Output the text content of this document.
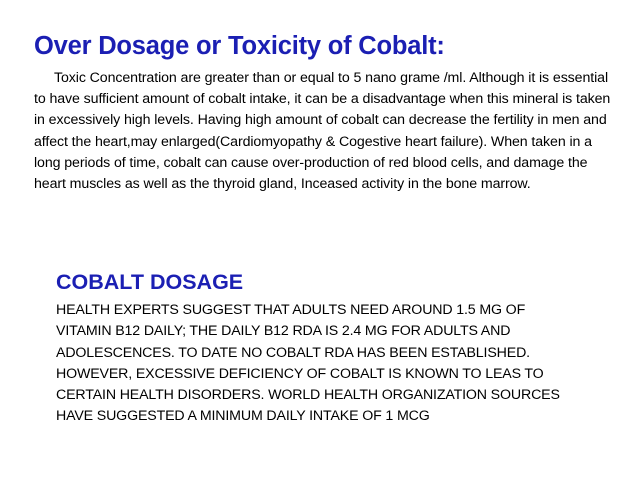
Over Dosage or Toxicity of Cobalt:
Toxic Concentration are greater than or equal to 5 nano grame /ml. Although it is essential to have sufficient amount of cobalt intake, it can be a disadvantage when this mineral is taken in excessively high levels. Having high amount of cobalt can decrease the fertility in men and affect the heart,may enlarged(Cardiomyopathy & Cogestive heart failure). When taken in a long periods of time, cobalt can cause over-production of red blood cells, and damage the heart muscles as well as the thyroid gland, Inceased activity in the bone marrow.
COBALT DOSAGE
HEALTH EXPERTS SUGGEST THAT ADULTS NEED AROUND 1.5 MG OF
VITAMIN B12 DAILY; THE DAILY B12 RDA IS 2.4 MG FOR ADULTS AND
ADOLESCENCES. TO DATE NO COBALT RDA HAS BEEN ESTABLISHED.
HOWEVER, EXCESSIVE DEFICIENCY OF COBALT IS KNOWN TO LEAS TO
CERTAIN HEALTH DISORDERS. WORLD HEALTH ORGANIZATION SOURCES
HAVE SUGGESTED A MINIMUM DAILY INTAKE OF 1 MCG
